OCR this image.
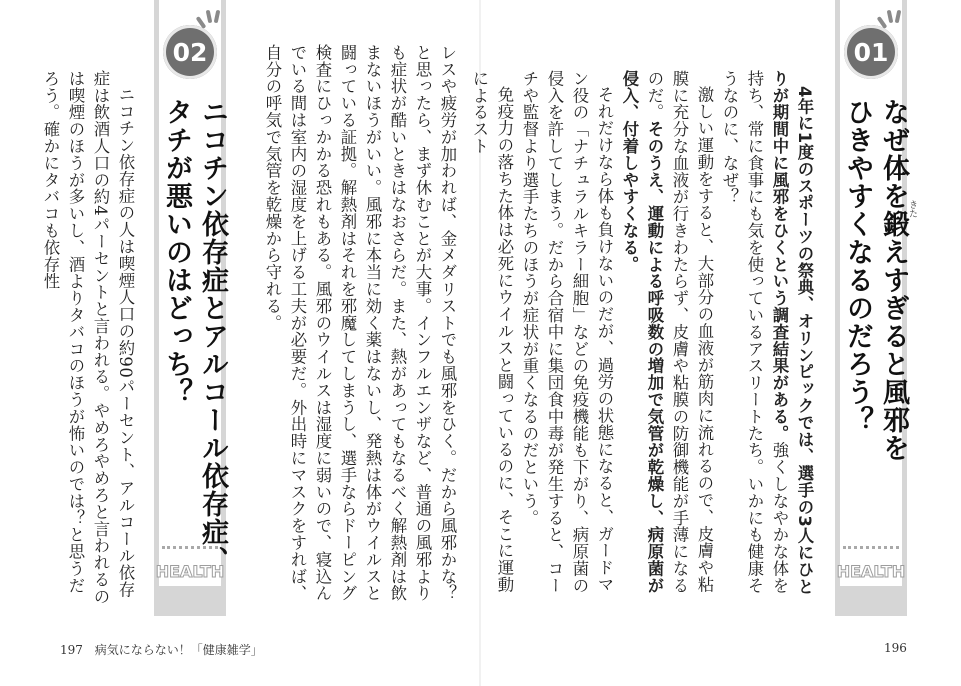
レスや疲労が加われば、金メダリストでも風邪をひく。だから風邪かな？と思ったら、まず休むことが大事。インフルエンザなど、普通の風邪よりも症状が酷いときはなおさらだ。また、熱があってもなるべく解熱剤は飲まないほうがいい。風邪に本当に効く薬はないし、発熱は体がウイルスと闘っている証拠。解熱剤はそれを邪魔してしまうし、選手ならドーピング検査にひっかかる恐れもある。風邪のウイルスは湿度に弱いので、寝込んでいる間は室内の湿度を上げる工夫が必要だ。外出時にマスクをすれば、自分の呼気で気管を乾燥から守れる。

02
HEALTH
ニコチン依存症とアルコール依存症、
タチが悪いのはどっち？

ニコチン依存症の人は喫煙人口の約90パーセント、アルコール依存症は飲酒人口の約4パーセントと言われる。やめろやめろと言われるのは喫煙のほうが多いし、酒よりタバコのほうが怖いのでは？と思うだろう。確かにタバコも依存性

197 病気にならない！「健康雑学」
01
HEALTH
なぜ体を鍛えすぎると風邪を
ひきやすくなるのだろう？	きた

4年に1度のスポーツの祭典、オリンピックでは、選手の3人にひとりが期間中に風邪をひくという調査結果がある。強くしなやかな体を持ち、常に食事にも気を使っているアスリートたち。いかにも健康そうなのに、なぜ？

激しい運動をすると、大部分の血液が筋肉に流れるので、皮膚や粘膜に充分な血液が行きわたらず、皮膚や粘膜の防御機能が手薄になるのだ。そのうえ、運動による呼吸数の増加で気管が乾燥し、病原菌が侵入、付着しやすくなる。

それだけなら体も負けないのだが、過労の状態になると、ガードマン役の「ナチュラルキラー細胞」などの免疫機能も下がり、病原菌の侵入を許してしまう。だから合宿中に集団食中毒が発生すると、コーチや監督より選手たちのほうが症状が重くなるのだという。

免疫力の落ちた体は必死にウイルスと闘っているのに、そこに運動によるスト

196
